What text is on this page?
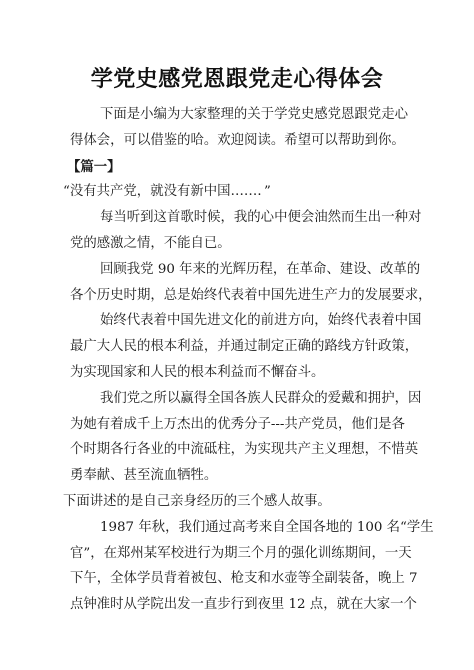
学党史感党恩跟党走心得体会
下面是小编为大家整理的关于学党史感党恩跟党走心
得体会，可以借鉴的哈。欢迎阅读。希望可以帮助到你。
【篇一】
“没有共产党，就没有新中国……．”
每当听到这首歌时候，我的心中便会油然而生出一种对
党的感激之情，不能自已。
回顾我党 90 年来的光辉历程，在革命、建设、改革的
各个历史时期，总是始终代表着中国先进生产力的发展要求，
始终代表着中国先进文化的前进方向，始终代表着中国
最广大人民的根本利益，并通过制定正确的路线方针政策，
为实现国家和人民的根本利益而不懈奋斗。
我们党之所以赢得全国各族人民群众的爱戴和拥护，因
为她有着成千上万杰出的优秀分子---共产党员，他们是各
个时期各行各业的中流砥柱，为实现共产主义理想，不惜英
勇奉献、甚至流血牺牲。
下面讲述的是自己亲身经历的三个感人故事。
1987 年秋，我们通过高考来自全国各地的 100 名“学生
官”，在郑州某军校进行为期三个月的强化训练期间，一天
下午，全体学员背着被包、枪支和水壶等全副装备，晚上 7
点钟准时从学院出发一直步行到夜里 12 点，就在大家一个
